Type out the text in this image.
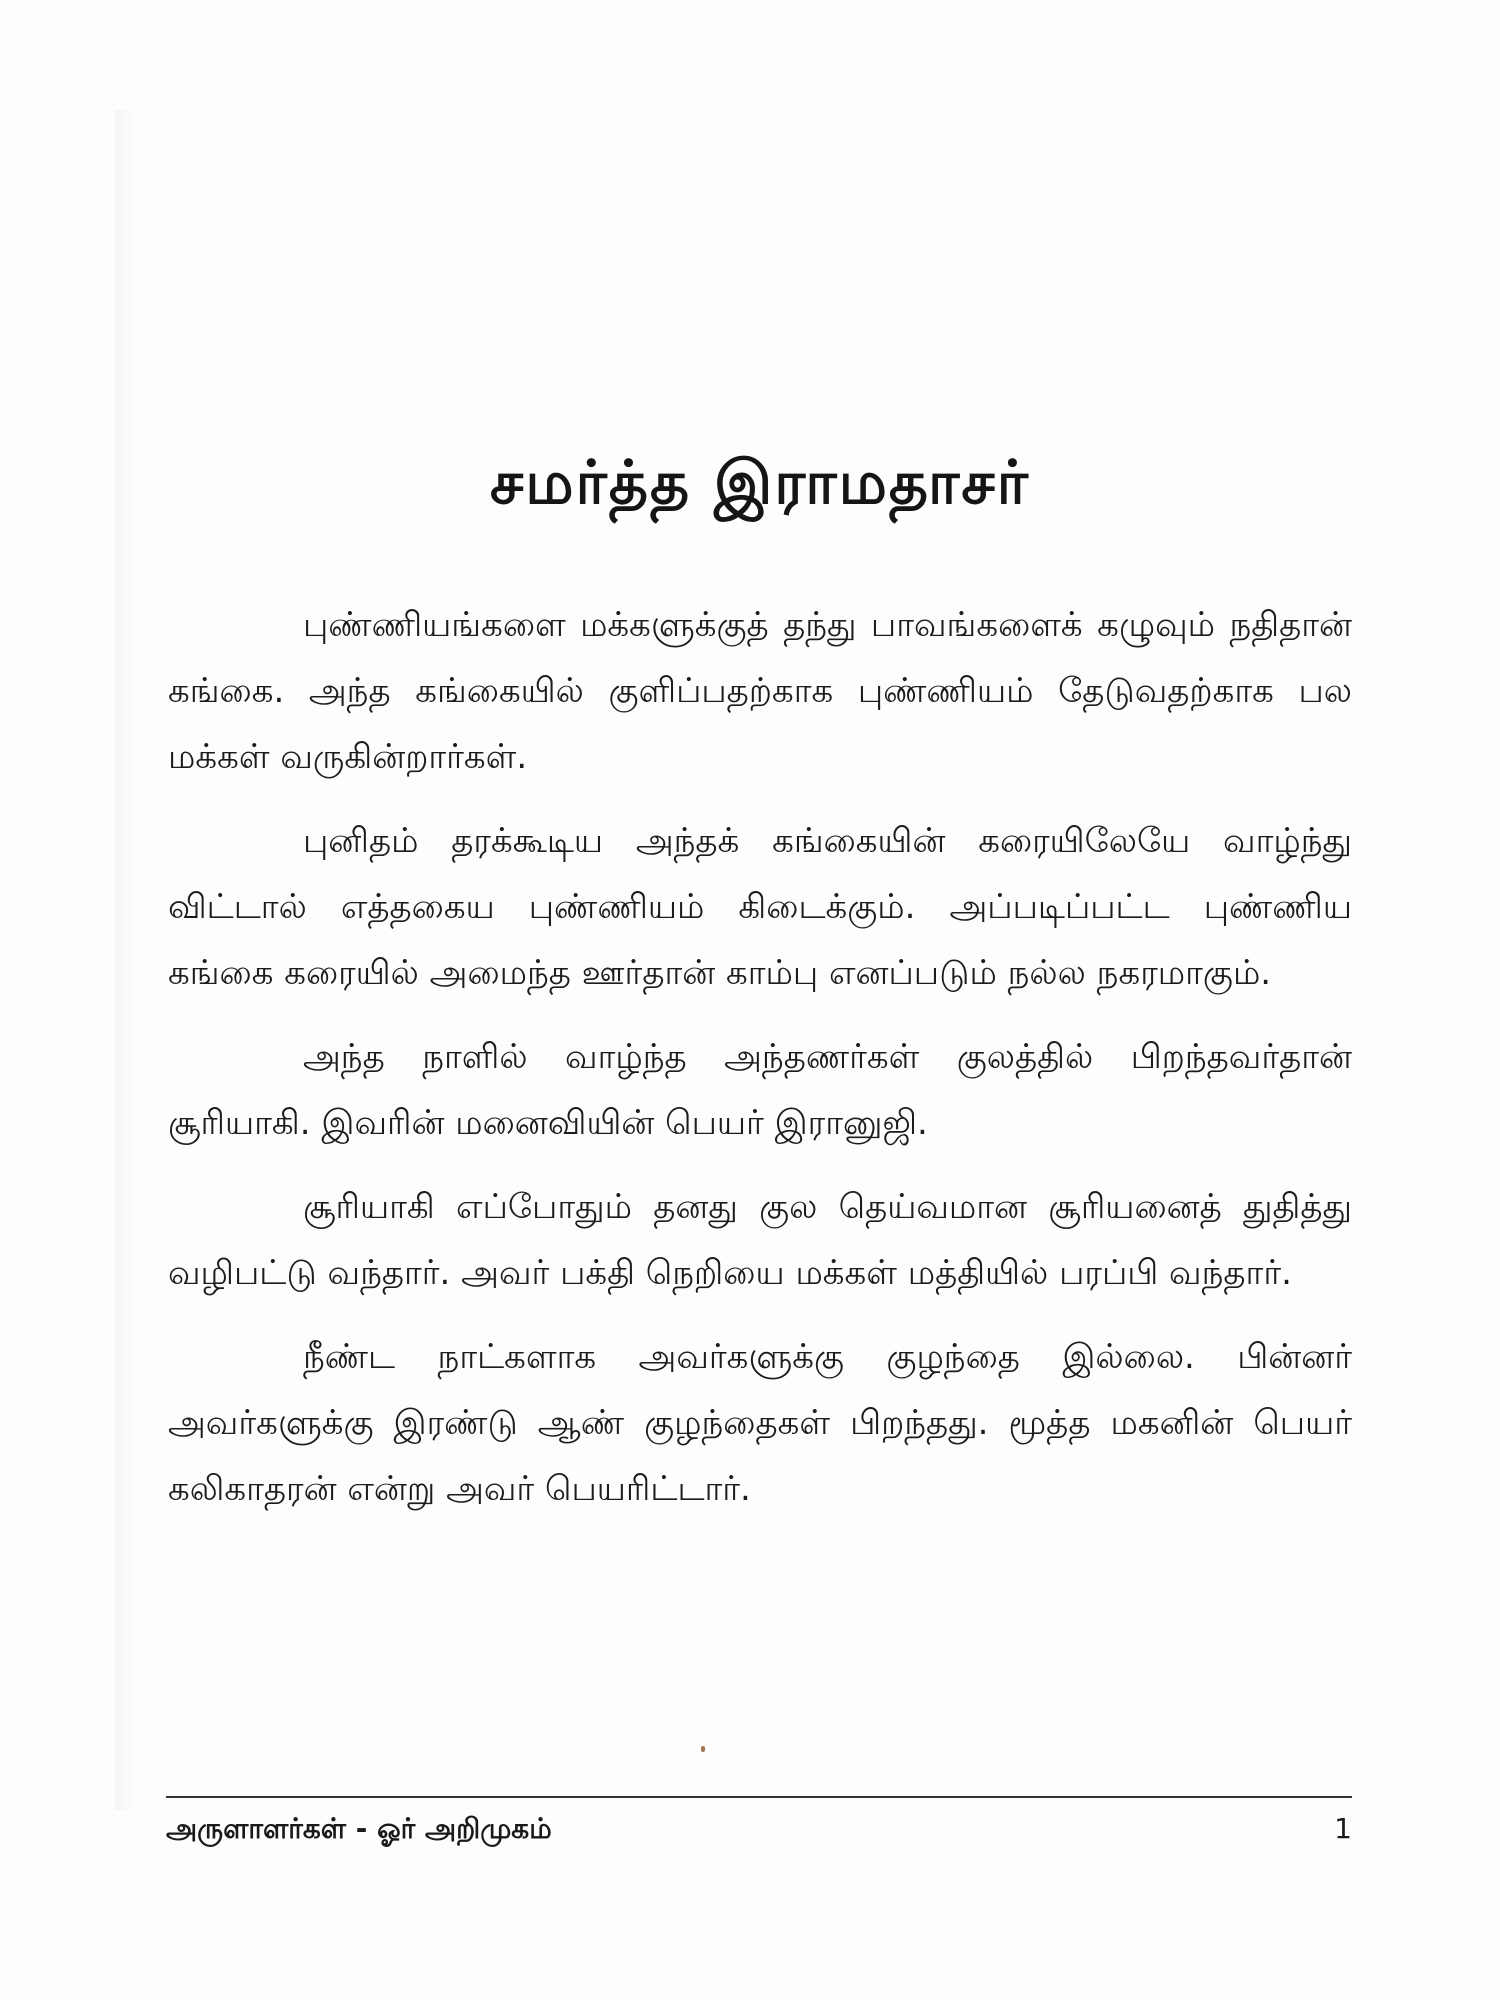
சமர்த்த இராமதாசர்

புண்ணியங்களை மக்களுக்குத் தந்து பாவங்களைக் கழுவும் நதிதான் கங்கை. அந்த கங்கையில் குளிப்பதற்காக புண்ணியம் தேடுவதற்காக பல மக்கள் வருகின்றார்கள்.

புனிதம் தரக்கூடிய அந்தக் கங்கையின் கரையிலேயே வாழ்ந்து விட்டால் எத்தகைய புண்ணியம் கிடைக்கும். அப்படிப்பட்ட புண்ணிய கங்கை கரையில் அமைந்த ஊர்தான் காம்பு எனப்படும் நல்ல நகரமாகும்.

அந்த நாளில் வாழ்ந்த அந்தணர்கள் குலத்தில் பிறந்தவர்தான் சூரியாகி. இவரின் மனைவியின் பெயர் இரானுஜி.

சூரியாகி எப்போதும் தனது குல தெய்வமான சூரியனைத் துதித்து வழிபட்டு வந்தார். அவர் பக்தி நெறியை மக்கள் மத்தியில் பரப்பி வந்தார்.

நீண்ட நாட்களாக அவர்களுக்கு குழந்தை இல்லை. பின்னர் அவர்களுக்கு இரண்டு ஆண் குழந்தைகள் பிறந்தது. மூத்த மகனின் பெயர் கலிகாதரன் என்று அவர் பெயரிட்டார்.

அருளாளர்கள் - ஓர் அறிமுகம்	1
